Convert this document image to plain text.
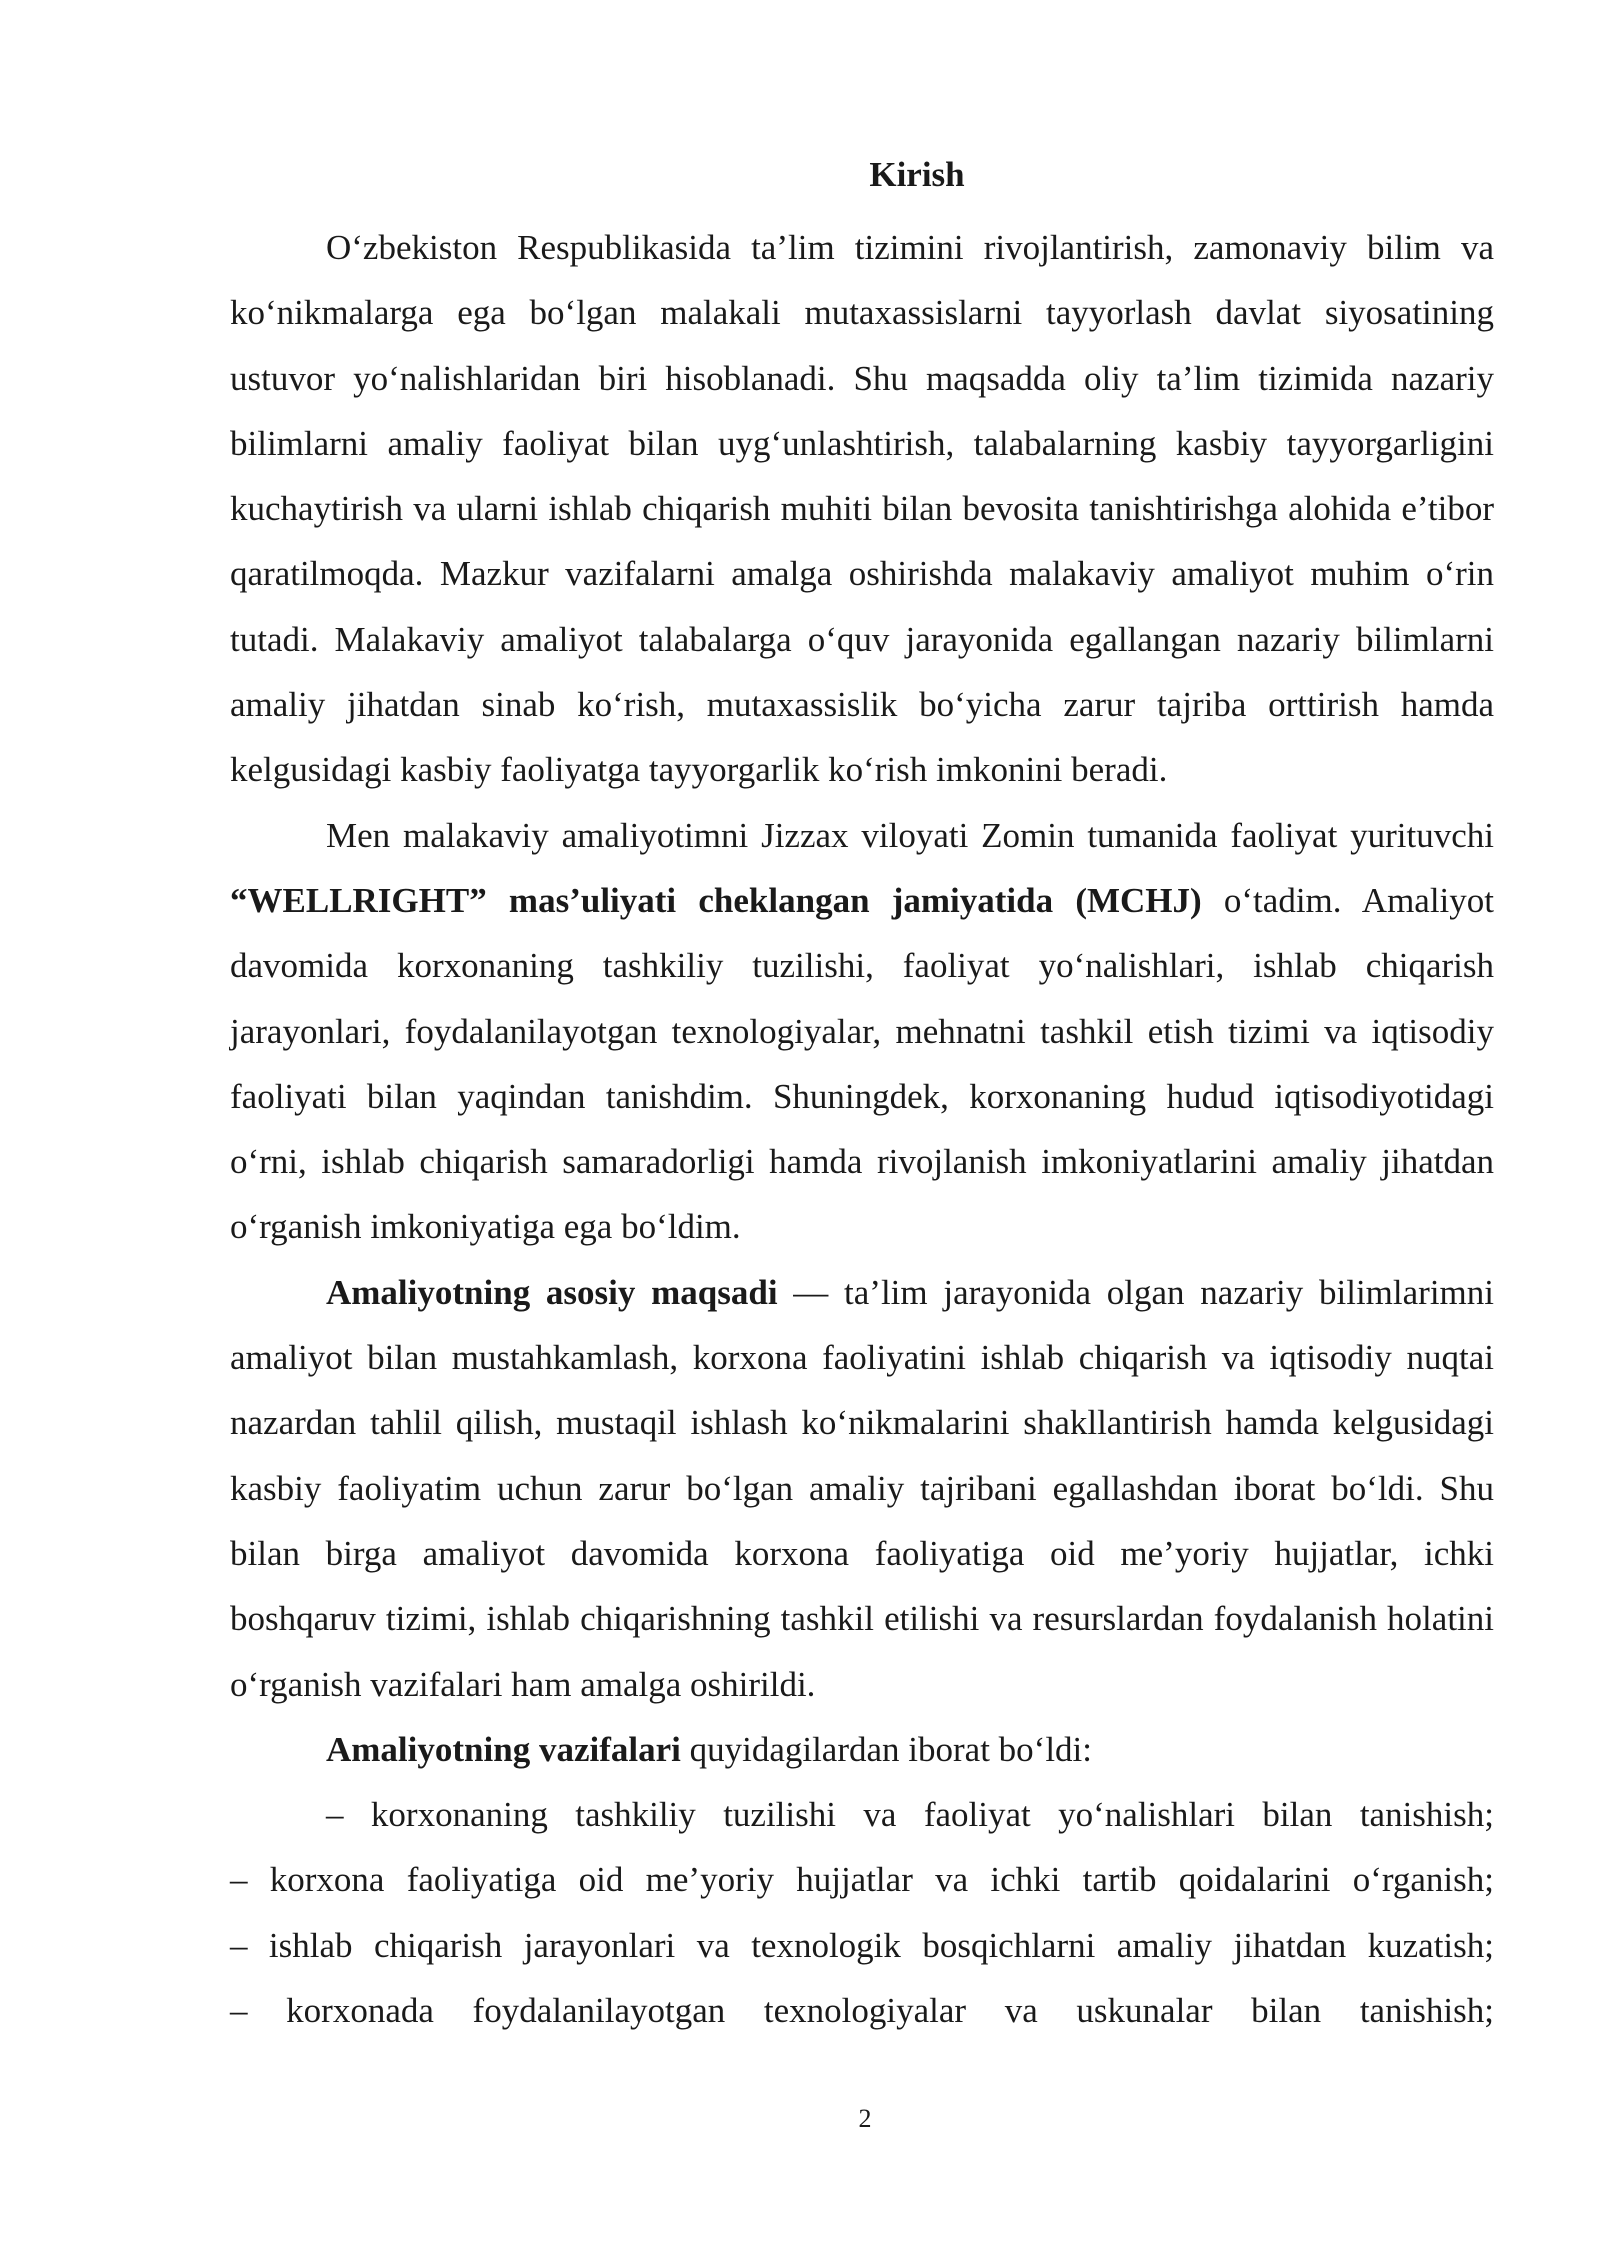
Kirish

O‘zbekiston Respublikasida ta’lim tizimini rivojlantirish, zamonaviy bilim va ko‘nikmalarga ega bo‘lgan malakali mutaxassislarni tayyorlash davlat siyosatining ustuvor yo‘nalishlaridan biri hisoblanadi. Shu maqsadda oliy ta’lim tizimida nazariy bilimlarni amaliy faoliyat bilan uyg‘unlashtirish, talabalarning kasbiy tayyorgarligini kuchaytirish va ularni ishlab chiqarish muhiti bilan bevosita tanishtirishga alohida e’tibor qaratilmoqda. Mazkur vazifalarni amalga oshirishda malakaviy amaliyot muhim o‘rin tutadi. Malakaviy amaliyot talabalarga o‘quv jarayonida egallangan nazariy bilimlarni amaliy jihatdan sinab ko‘rish, mutaxassislik bo‘yicha zarur tajriba orttirish hamda kelgusidagi kasbiy faoliyatga tayyorgarlik ko‘rish imkonini beradi.

Men malakaviy amaliyotimni Jizzax viloyati Zomin tumanida faoliyat yurituvchi “WELLRIGHT” mas’uliyati cheklangan jamiyatida (MCHJ) o‘tadim. Amaliyot davomida korxonaning tashkiliy tuzilishi, faoliyat yo‘nalishlari, ishlab chiqarish jarayonlari, foydalanilayotgan texnologiyalar, mehnatni tashkil etish tizimi va iqtisodiy faoliyati bilan yaqindan tanishdim. Shuningdek, korxonaning hudud iqtisodiyotidagi o‘rni, ishlab chiqarish samaradorligi hamda rivojlanish imkoniyatlarini amaliy jihatdan o‘rganish imkoniyatiga ega bo‘ldim.

Amaliyotning asosiy maqsadi — ta’lim jarayonida olgan nazariy bilimlarimni amaliyot bilan mustahkamlash, korxona faoliyatini ishlab chiqarish va iqtisodiy nuqtai nazardan tahlil qilish, mustaqil ishlash ko‘nikmalarini shakllantirish hamda kelgusidagi kasbiy faoliyatim uchun zarur bo‘lgan amaliy tajribani egallashdan iborat bo‘ldi. Shu bilan birga amaliyot davomida korxona faoliyatiga oid me’yoriy hujjatlar, ichki boshqaruv tizimi, ishlab chiqarishning tashkil etilishi va resurslardan foydalanish holatini o‘rganish vazifalari ham amalga oshirildi.

Amaliyotning vazifalari quyidagilardan iborat bo‘ldi:

– korxonaning tashkiliy tuzilishi va faoliyat yo‘nalishlari bilan tanishish;

– korxona faoliyatiga oid me’yoriy hujjatlar va ichki tartib qoidalarini o‘rganish;

– ishlab chiqarish jarayonlari va texnologik bosqichlarni amaliy jihatdan kuzatish;

– korxonada foydalanilayotgan texnologiyalar va uskunalar bilan tanishish;

2
